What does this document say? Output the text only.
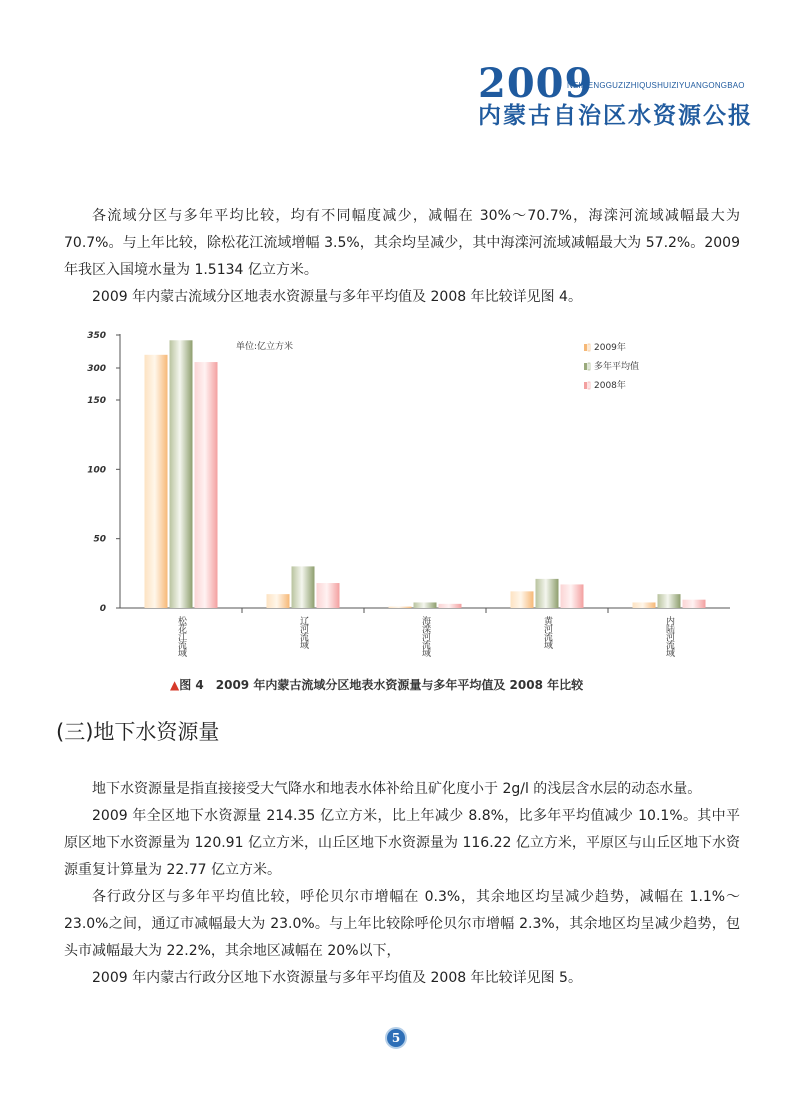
2009
NEIMENGGUZIZHIQUSHUIZIYUANGONGBAO
内蒙古自治区水资源公报

各流域分区与多年平均比较，均有不同幅度减少，减幅在 30%～70.7%，海滦河流域减幅最大为 70.7%。与上年比较，除松花江流域增幅 3.5%，其余均呈减少，其中海滦河流域减幅最大为 57.2%。2009 年我区入国境水量为 1.5134 亿立方米。

2009 年内蒙古流域分区地表水资源量与多年平均值及 2008 年比较详见图 4。

0
50
100
150
300
350
单位:亿立方米
松花江流域	辽河流域	海滦河流域	黄河流域	内陆河流域
2009年
多年平均值
2008年
▲图 4　2009 年内蒙古流域分区地表水资源量与多年平均值及 2008 年比较
(三)地下水资源量

地下水资源量是指直接接受大气降水和地表水体补给且矿化度小于 2g/l 的浅层含水层的动态水量。

2009 年全区地下水资源量 214.35 亿立方米，比上年减少 8.8%，比多年平均值减少 10.1%。其中平原区地下水资源量为 120.91 亿立方米，山丘区地下水资源量为 116.22 亿立方米，平原区与山丘区地下水资源重复计算量为 22.77 亿立方米。

各行政分区与多年平均值比较，呼伦贝尔市增幅在 0.3%，其余地区均呈减少趋势，减幅在 1.1%～23.0%之间，通辽市减幅最大为 23.0%。与上年比较除呼伦贝尔市增幅 2.3%，其余地区均呈减少趋势，包头市减幅最大为 22.2%，其余地区减幅在 20%以下，

2009 年内蒙古行政分区地下水资源量与多年平均值及 2008 年比较详见图 5。

5
